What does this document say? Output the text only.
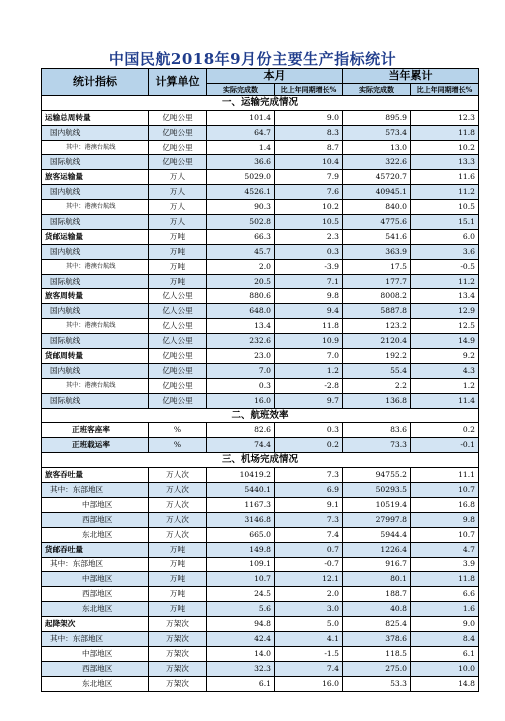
中国民航2018年9月份主要生产指标统计
统计指标	计算单位	本月		当年累计	
		实际完成数	比上年同期增长%	实际完成数	比上年同期增长%
一、运输完成情况					
运输总周转量	亿吨公里	101.4	9.0	895.9	12.3
国内航线	亿吨公里	64.7	8.3	573.4	11.8
其中：港澳台航线	亿吨公里	1.4	8.7	13.0	10.2
国际航线	亿吨公里	36.6	10.4	322.6	13.3
旅客运输量	万人	5029.0	7.9	45720.7	11.6
国内航线	万人	4526.1	7.6	40945.1	11.2
其中：港澳台航线	万人	90.3	10.2	840.0	10.5
国际航线	万人	502.8	10.5	4775.6	15.1
货邮运输量	万吨	66.3	2.3	541.6	6.0
国内航线	万吨	45.7	0.3	363.9	3.6
其中：港澳台航线	万吨	2.0	-3.9	17.5	-0.5
国际航线	万吨	20.5	7.1	177.7	11.2
旅客周转量	亿人公里	880.6	9.8	8008.2	13.4
国内航线	亿人公里	648.0	9.4	5887.8	12.9
其中：港澳台航线	亿人公里	13.4	11.8	123.2	12.5
国际航线	亿人公里	232.6	10.9	2120.4	14.9
货邮周转量	亿吨公里	23.0	7.0	192.2	9.2
国内航线	亿吨公里	7.0	1.2	55.4	4.3
其中：港澳台航线	亿吨公里	0.3	-2.8	2.2	1.2
国际航线	亿吨公里	16.0	9.7	136.8	11.4
二、航班效率					
正班客座率	%	82.6	0.3	83.6	0.2
正班载运率	%	74.4	0.2	73.3	-0.1
三、机场完成情况					
旅客吞吐量	万人次	10419.2	7.3	94755.2	11.1
其中：东部地区	万人次	5440.1	6.9	50293.5	10.7
中部地区	万人次	1167.3	9.1	10519.4	16.8
西部地区	万人次	3146.8	7.3	27997.8	9.8
东北地区	万人次	665.0	7.4	5944.4	10.7
货邮吞吐量	万吨	149.8	0.7	1226.4	4.7
其中：东部地区	万吨	109.1	-0.7	916.7	3.9
中部地区	万吨	10.7	12.1	80.1	11.8
西部地区	万吨	24.5	2.0	188.7	6.6
东北地区	万吨	5.6	3.0	40.8	1.6
起降架次	万架次	94.8	5.0	825.4	9.0
其中：东部地区	万架次	42.4	4.1	378.6	8.4
中部地区	万架次	14.0	-1.5	118.5	6.1
西部地区	万架次	32.3	7.4	275.0	10.0
东北地区	万架次	6.1	16.0	53.3	14.8
